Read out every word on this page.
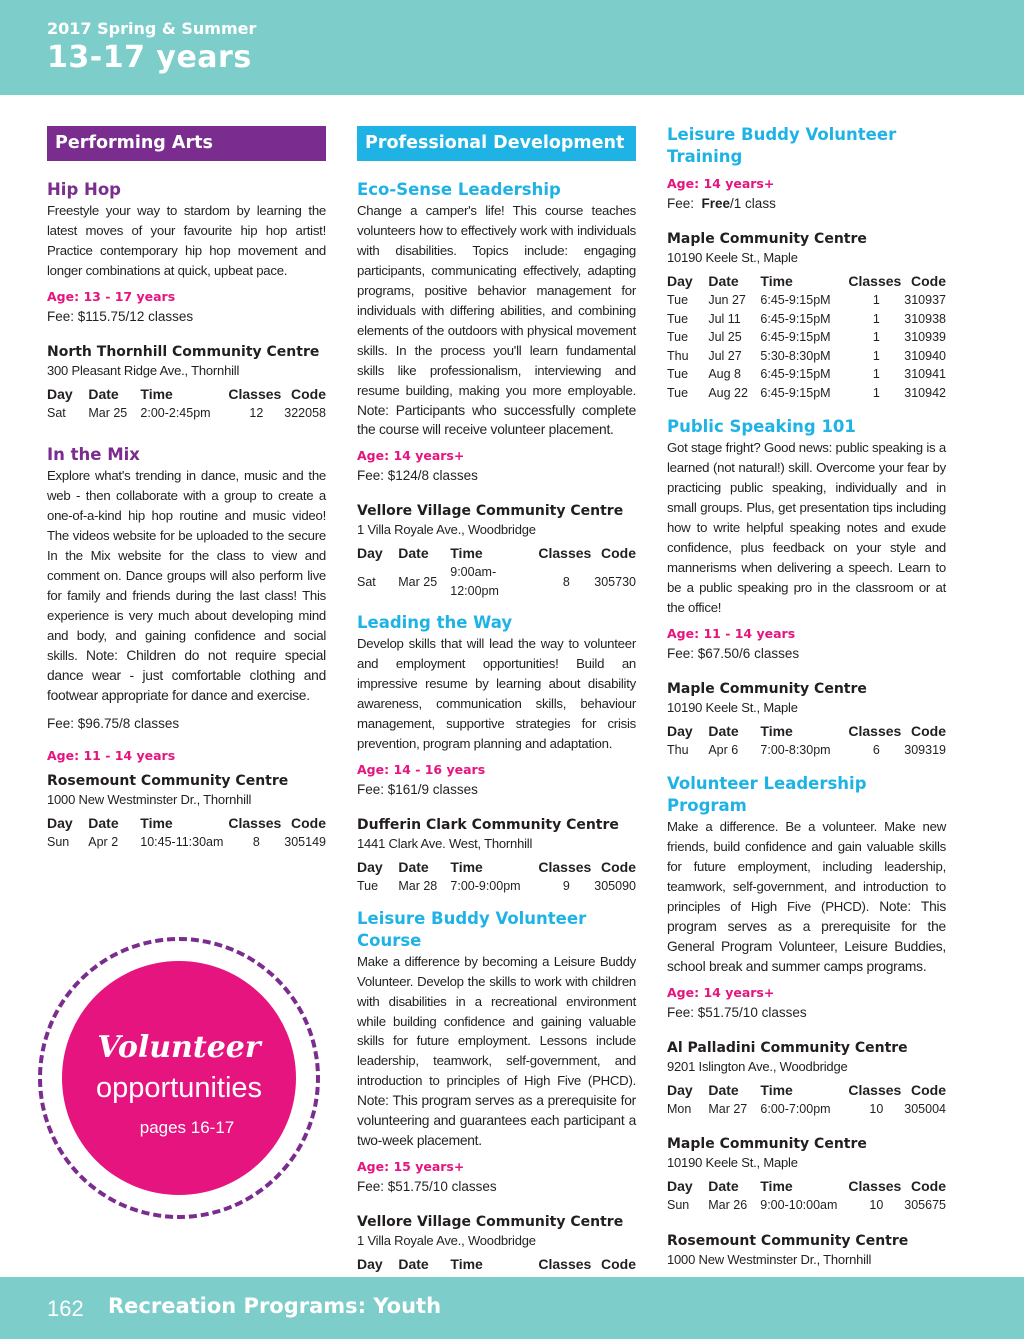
2017 Spring & Summer
13-17 years
Performing Arts
Hip Hop

Freestyle your way to stardom by learning the latest moves of your favourite hip hop artist! Practice contemporary hip hop movement and longer combinations at quick, upbeat pace.

Age: 13 - 17 years
Fee: $115.75/12 classes
North Thornhill Community Centre
300 Pleasant Ridge Ave., Thornhill
Day	Date	Time	Classes	Code
Sat	Mar 25	2:00-2:45pm	12	322058
In the Mix

Explore what's trending in dance, music and the web - then collaborate with a group to create a one-of-a-kind hip hop routine and music video! The videos website for be uploaded to the secure In the Mix website for the class to view and comment on. Dance groups will also perform live for family and friends during the last class! This experience is very much about developing mind and body, and gaining confidence and social skills. Note: Children do not require special dance wear - just comfortable clothing and footwear appropriate for dance and exercise.

Fee: $96.75/8 classes
Age: 11 - 14 years
Rosemount Community Centre
1000 New Westminster Dr., Thornhill
Day	Date	Time	Classes	Code
Sun	Apr 2	10:45-11:30am	8	305149
Volunteer
opportunities
pages 16-17
Professional Development
Eco-Sense Leadership

Change a camper's life! This course teaches volunteers how to effectively work with individuals with disabilities. Topics include: engaging participants, communicating effectively, adapting programs, positive behavior management for individuals with differing abilities, and combining elements of the outdoors with physical movement skills. In the process you'll learn fundamental skills like professionalism, interviewing and resume building, making you more employable. Note: Participants who successfully complete the course will receive volunteer placement.

Age: 14 years+
Fee: $124/8 classes
Vellore Village Community Centre
1 Villa Royale Ave., Woodbridge
Day	Date	Time	Classes	Code
Sat	Mar 25	9:00am-12:00pm	8	305730
Leading the Way

Develop skills that will lead the way to volunteer and employment opportunities! Build an impressive resume by learning about disability awareness, communication skills, behaviour management, supportive strategies for crisis prevention, program planning and adaptation.

Age: 14 - 16 years
Fee: $161/9 classes
Dufferin Clark Community Centre
1441 Clark Ave. West, Thornhill
Day	Date	Time	Classes	Code
Tue	Mar 28	7:00-9:00pm	9	305090
Leisure Buddy Volunteer Course

Make a difference by becoming a Leisure Buddy Volunteer. Develop the skills to work with children with disabilities in a recreational environment while building confidence and gaining valuable skills for future employment. Lessons include leadership, teamwork, self-government, and introduction to principles of High Five (PHCD). Note: This program serves as a prerequisite for volunteering and guarantees each participant a two-week placement.

Age: 15 years+
Fee: $51.75/10 classes
Vellore Village Community Centre
1 Villa Royale Ave., Woodbridge
Day	Date	Time	Classes	Code

Leisure Buddy Volunteer Training
Age: 14 years+
Fee:  Free/1 class
Maple Community Centre
10190 Keele St., Maple
Day	Date	Time	Classes	Code
Tue	Jun 27	6:45-9:15pM	1	310937
Tue	Jul 11	6:45-9:15pM	1	310938
Tue	Jul 25	6:45-9:15pM	1	310939
Thu	Jul 27	5:30-8:30pM	1	310940
Tue	Aug 8	6:45-9:15pM	1	310941
Tue	Aug 22	6:45-9:15pM	1	310942
Public Speaking 101

Got stage fright? Good news: public speaking is a learned (not natural!) skill. Overcome your fear by practicing public speaking, individually and in small groups. Plus, get presentation tips including how to write helpful speaking notes and exude confidence, plus feedback on your style and mannerisms when delivering a speech. Learn to be a public speaking pro in the classroom or at the office!

Age: 11 - 14 years
Fee: $67.50/6 classes
Maple Community Centre
10190 Keele St., Maple
Day	Date	Time	Classes	Code
Thu	Apr 6	7:00-8:30pm	6	309319
Volunteer Leadership Program

Make a difference. Be a volunteer. Make new friends, build confidence and gain valuable skills for future employment, including leadership, teamwork, self-government, and introduction to principles of High Five (PHCD). Note: This program serves as a prerequisite for the General Program Volunteer, Leisure Buddies, school break and summer camps programs.

Age: 14 years+
Fee: $51.75/10 classes
Al Palladini Community Centre
9201 Islington Ave., Woodbridge
Day	Date	Time	Classes	Code
Mon	Mar 27	6:00-7:00pm	10	305004
Maple Community Centre
10190 Keele St., Maple
Day	Date	Time	Classes	Code
Sun	Mar 26	9:00-10:00am	10	305675
Rosemount Community Centre
1000 New Westminster Dr., Thornhill

162 Recreation Programs: Youth
